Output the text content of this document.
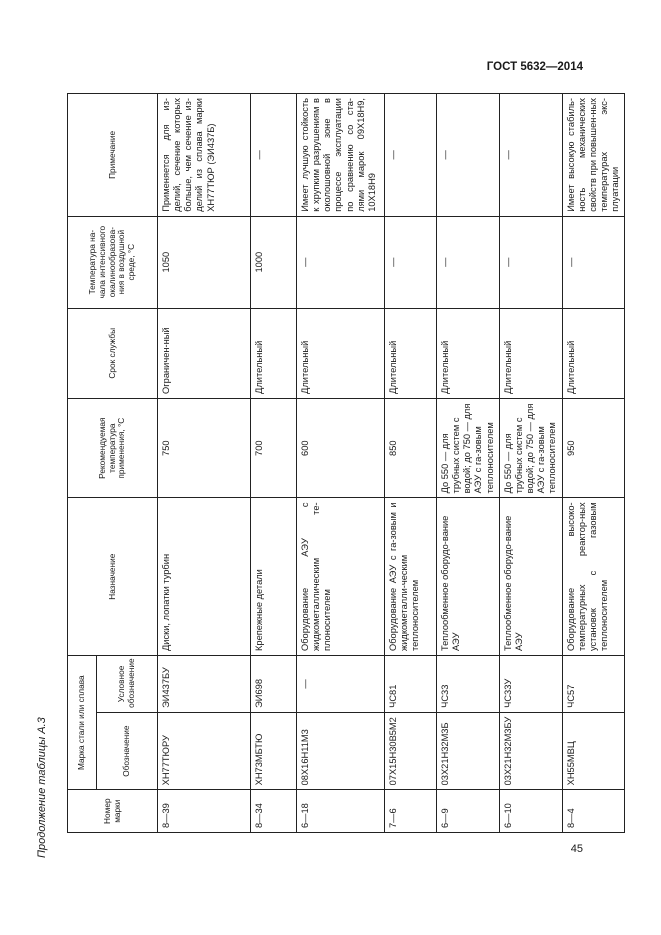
ГОСТ 5632—2014
Продолжение таблицы А.3	Номер марки	Марка стали или сплава		Назначение	Рекомендуемая температура применения, °С	Срок службы	Температура на-чала интенсивного окалинообразова-ния в воздушной среде, °С	Примечание
	Обозначение	Условное обозначение					
8—39	ХН77ТЮРУ	ЭИ437БУ	Диски, лопатки турбин	750	Ограничен-ный	1050	Применяется для из-делий, сечение которых больше, чем сечение из-делий из сплава марки ХН77ТЮР (ЭИ437Б)
8—34	ХН73МБТЮ	ЭИ698	Крепежные детали	700	Длительный	1000	—
6—18	08Х16Н11М3	—	Оборудование АЭУ с жидкометаллическим те-плоносителем	600	Длительный	—	Имеет лучшую стойкость к хрупким разрушениям в околошовной зоне в процессе эксплуатации по сравнению со ста-лями марок 09Х18Н9, 10Х18Н9
7—6	07Х15Н30В5М2	ЧС81	Оборудование АЭУ с га-зовым и жидкометалли-ческим теплоносителем	850	Длительный	—	—
6—9	03Х21Н32М3Б	ЧС33	Теплообменное оборудо-вание АЭУ	До 550 — для трубных систем с водой; до 750 — для АЭУ с га-зовым теплоносителем	Длительный	—	—
6—10	03Х21Н32М3БУ	ЧС33У	Теплообменное оборудо-вание АЭУ	До 550 — для трубных систем с водой; до 750 — для АЭУ с га-зовым теплоносителем	Длительный	—	—
8—4	ХН55МВЦ	ЧС57	Оборудование высоко-температурных реактор-ных установок с газовым теплоносителем	950	Длительный	—	Имеет высокую стабиль-ность механических свойств при повышен-ных температурах экс-плуатации
45
